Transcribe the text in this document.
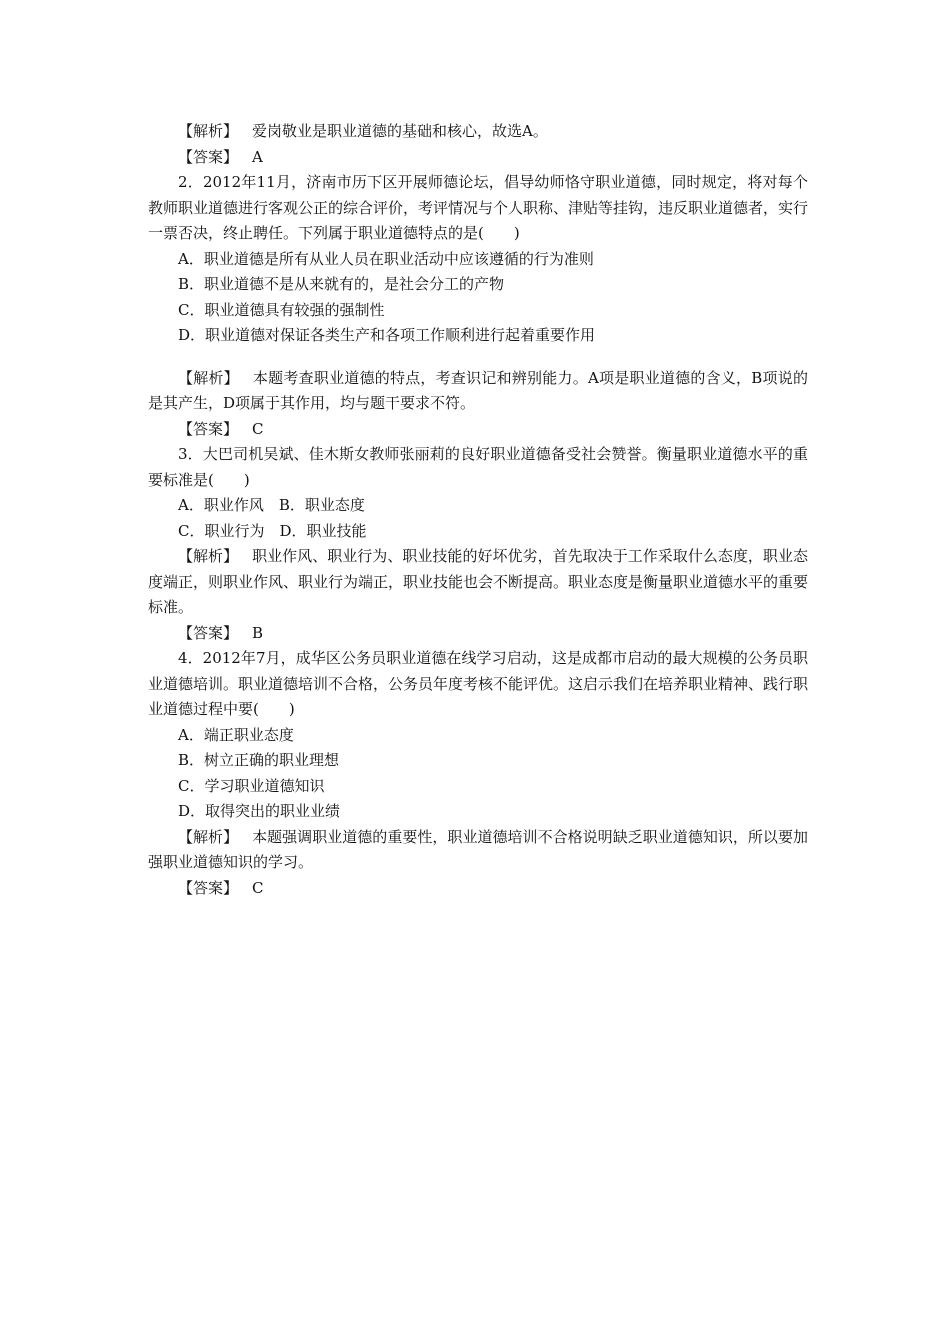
【解析】 爱岗敬业是职业道德的基础和核心，故选A。

【答案】 A

2．2012年11月，济南市历下区开展师德论坛，倡导幼师恪守职业道德，同时规定，将对每个教师职业道德进行客观公正的综合评价，考评情况与个人职称、津贴等挂钩，违反职业道德者，实行一票否决，终止聘任。下列属于职业道德特点的是(　　)

A．职业道德是所有从业人员在职业活动中应该遵循的行为准则

B．职业道德不是从来就有的，是社会分工的产物

C．职业道德具有较强的强制性

D．职业道德对保证各类生产和各项工作顺利进行起着重要作用

【解析】 本题考查职业道德的特点，考查识记和辨别能力。A项是职业道德的含义，B项说的是其产生，D项属于其作用，均与题干要求不符。

【答案】 C

3．大巴司机吴斌、佳木斯女教师张丽莉的良好职业道德备受社会赞誉。衡量职业道德水平的重要标准是(　　)

A．职业作风　B．职业态度

C．职业行为　D．职业技能

【解析】 职业作风、职业行为、职业技能的好坏优劣，首先取决于工作采取什么态度，职业态度端正，则职业作风、职业行为端正，职业技能也会不断提高。职业态度是衡量职业道德水平的重要标准。

【答案】 B

4．2012年7月，成华区公务员职业道德在线学习启动，这是成都市启动的最大规模的公务员职业道德培训。职业道德培训不合格，公务员年度考核不能评优。这启示我们在培养职业精神、践行职业道德过程中要(　　)

A．端正职业态度

B．树立正确的职业理想

C．学习职业道德知识

D．取得突出的职业业绩

【解析】 本题强调职业道德的重要性，职业道德培训不合格说明缺乏职业道德知识，所以要加强职业道德知识的学习。

【答案】 C
